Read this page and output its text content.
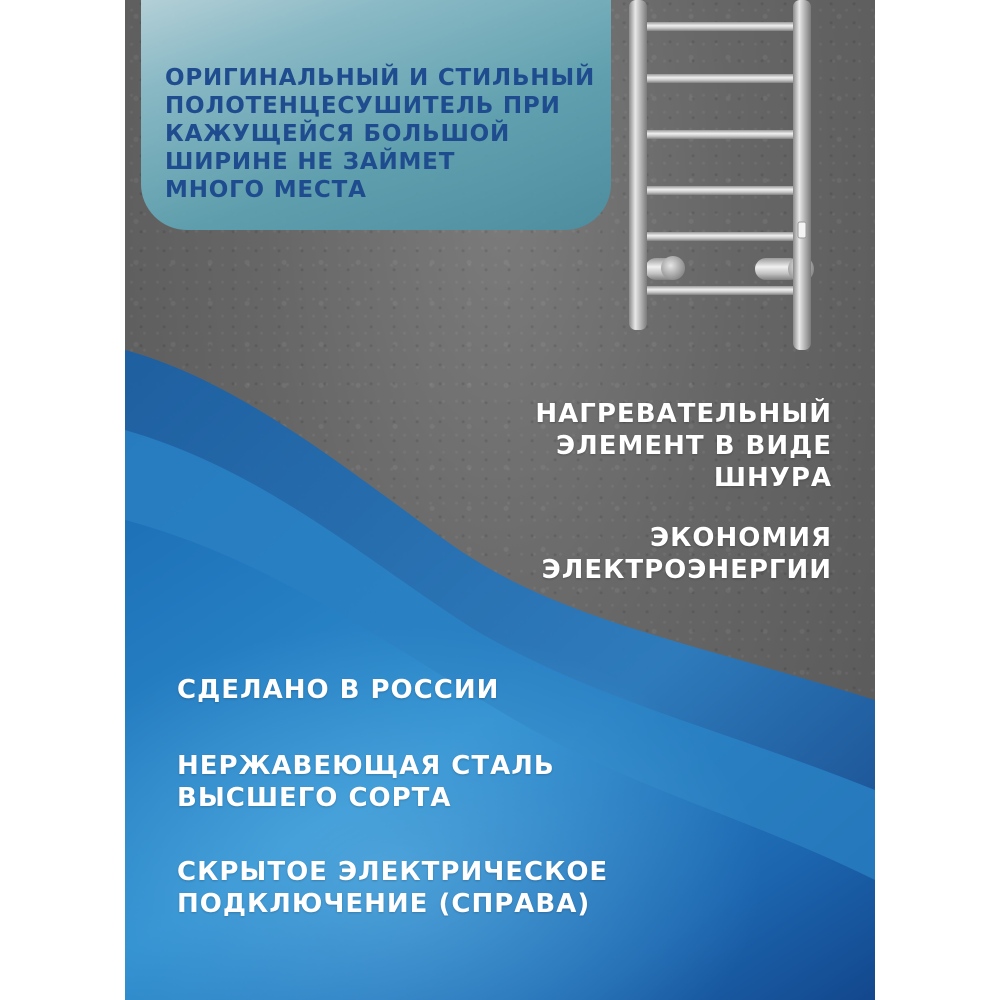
ОРИГИНАЛЬНЫЙ И СТИЛЬНЫЙ
ПОЛОТЕНЦЕСУШИТЕЛЬ ПРИ
КАЖУЩЕЙСЯ БОЛЬШОЙ
ШИРИНЕ НЕ ЗАЙМЕТ
МНОГО МЕСТА

НАГРЕВАТЕЛЬНЫЙ
ЭЛЕМЕНТ В ВИДЕ
ШНУРА

ЭКОНОМИЯ
ЭЛЕКТРОЭНЕРГИИ

СДЕЛАНО В РОССИИ

НЕРЖАВЕЮЩАЯ СТАЛЬ
ВЫСШЕГО СОРТА

СКРЫТОЕ ЭЛЕКТРИЧЕСКОЕ
ПОДКЛЮЧЕНИЕ (СПРАВА)
